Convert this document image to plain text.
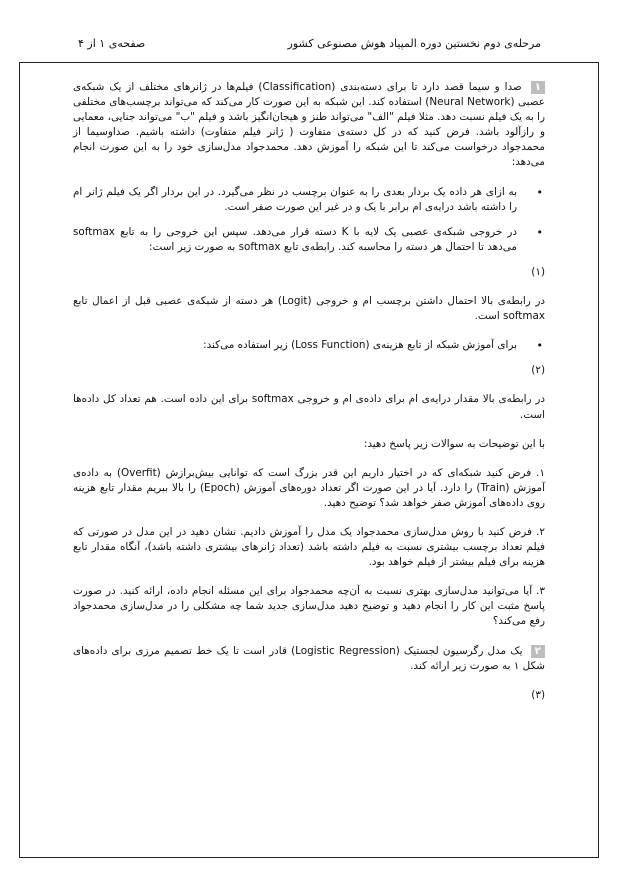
مرحله‌ی دوم نخستین دوره المپیاد هوش مصنوعی کشور
صفحه‌ی ۱ از ۴

۱ صدا و سیما قصد دارد تا برای دسته‌بندی (Classification) فیلم‌ها در ژانرهای مختلف از یک شبکه‌ی عصبی (Neural Network) استفاده کند. این شبکه به این صورت کار می‌کند که می‌تواند برچسب‌های مختلفی را به یک فیلم نسبت دهد. مثلا فیلم "الف" می‌تواند طنز و هیجان‌انگیز باشد و فیلم "ب" می‌تواند جنایی، معمایی و رازآلود باشد. فرض کنید که در کل دسته‌ی متفاوت ( ژانر فیلم متفاوت) داشته باشیم. صداوسیما از محمدجواد درخواست می‌کند تا این شبکه را آموزش دهد. محمدجواد مدل‌سازی خود را به این صورت انجام می‌دهد:

• به ازای هر داده یک بردار بعدی را به عنوان برچسب در نظر می‌گیرد. در این بردار اگر یک فیلم ژانر ام را داشته باشد درایه‌ی ام برابر با یک و در غیر این صورت صفر است.
• در خروجی شبکه‌ی عصبی یک لایه با K دسته قرار می‌دهد. سپس این خروجی را به تابع softmax می‌دهد تا احتمال هر دسته را محاسبه کند. رابطه‌ی تابع softmax به صورت زیر است:
(۱)

در رابطه‌ی بالا احتمال داشتن برچسب ام و خروجی (Logit) هر دسته از شبکه‌ی عصبی قبل از اعمال تابع softmax است.

• برای آموزش شبکه از تابع هزینه‌ی (Loss Function) زیر استفاده می‌کند:
(۲)

در رابطه‌ی بالا مقدار درایه‌ی ام برای داده‌ی ام و خروجی softmax برای این داده است. هم تعداد کل داده‌ها است.

با این توضیحات به سوالات زیر پاسخ دهید:

۱. فرض کنید شبکه‌ای که در اختیار داریم این قدر بزرگ است که توانایی بیش‌برازش (Overfit) به داده‌ی آموزش (Train) را دارد. آیا در این صورت اگر تعداد دوره‌های آموزش (Epoch) را بالا ببریم مقدار تابع هزینه روی داده‌های آموزش صفر خواهد شد؟ توضیح دهید.

۲. فرض کنید با روش مدل‌سازی محمدجواد یک مدل را آموزش دادیم. نشان دهید در این مدل در صورتی که فیلم تعداد برچسب بیشتری نسبت به فیلم داشته باشد (تعداد ژانرهای بیشتری داشته باشد)، آنگاه مقدار تابع هزینه برای فیلم بیشتر از فیلم خواهد بود.

۳. آیا می‌توانید مدل‌سازی بهتری نسبت به آن‌چه محمدجواد برای این مسئله انجام داده، ارائه کنید. در صورت پاسخ مثبت این کار را انجام دهید و توضیح دهید مدل‌سازی جدید شما چه مشکلی را در مدل‌سازی محمدجواد رفع می‌کند؟

۲ یک مدل رگرسیون لجستیک (Logistic Regression) قادر است تا یک خط تصمیم مرزی برای داده‌های شکل ۱ به صورت زیر ارائه کند.

(۳)
